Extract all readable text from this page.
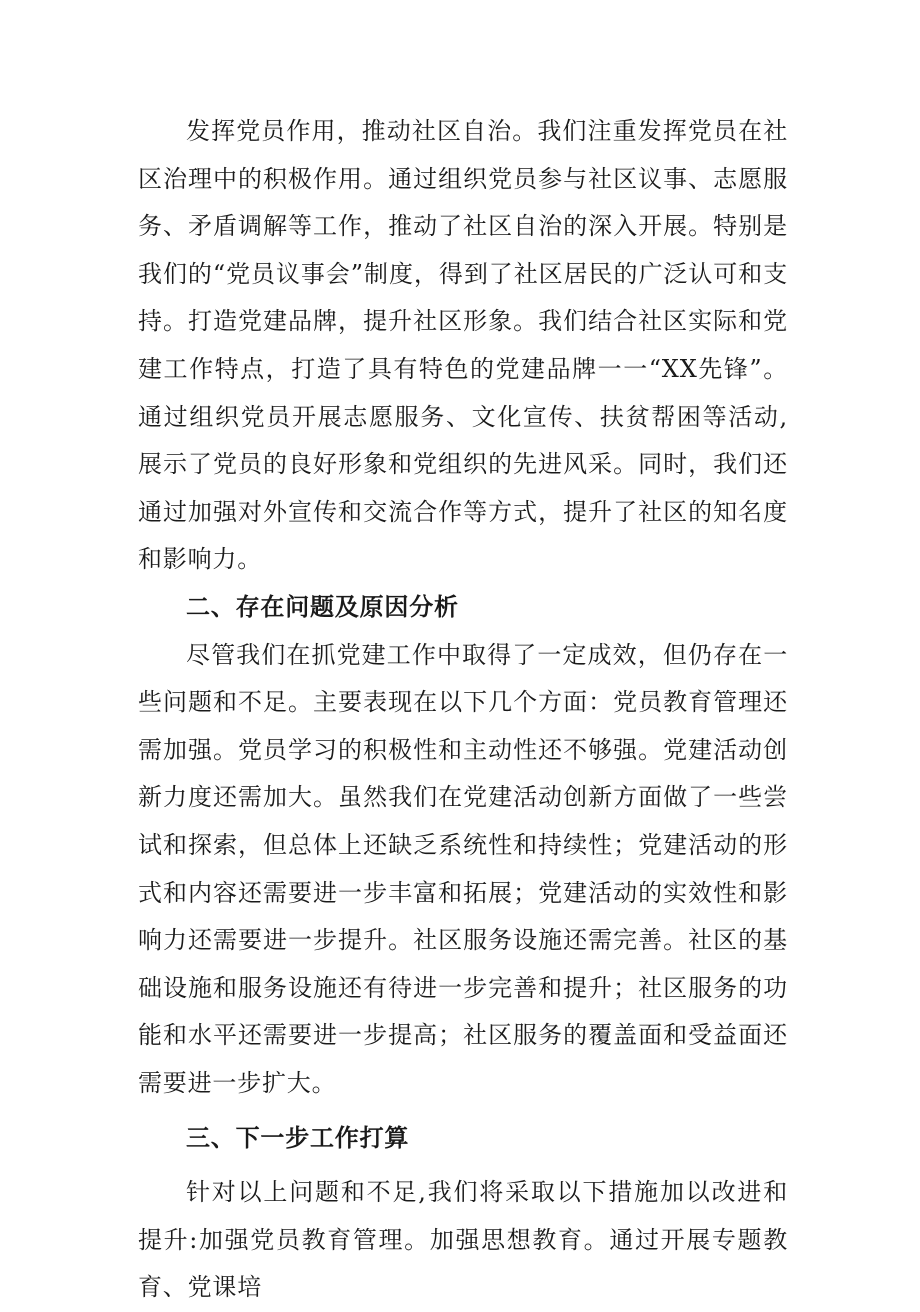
发挥党员作用，推动社区自治。我们注重发挥党员在社区治理中的积极作用。通过组织党员参与社区议事、志愿服务、矛盾调解等工作，推动了社区自治的深入开展。特别是我们的“党员议事会”制度，得到了社区居民的广泛认可和支持。打造党建品牌，提升社区形象。我们结合社区实际和党建工作特点，打造了具有特色的党建品牌一一“XX先锋”。通过组织党员开展志愿服务、文化宣传、扶贫帮困等活动,展示了党员的良好形象和党组织的先进风采。同时，我们还通过加强对外宣传和交流合作等方式，提升了社区的知名度和影响力。

二、存在问题及原因分析

尽管我们在抓党建工作中取得了一定成效，但仍存在一些问题和不足。主要表现在以下几个方面：党员教育管理还需加强。党员学习的积极性和主动性还不够强。党建活动创新力度还需加大。虽然我们在党建活动创新方面做了一些尝试和探索，但总体上还缺乏系统性和持续性；党建活动的形式和内容还需要进一步丰富和拓展；党建活动的实效性和影响力还需要进一步提升。社区服务设施还需完善。社区的基础设施和服务设施还有待进一步完善和提升；社区服务的功能和水平还需要进一步提高；社区服务的覆盖面和受益面还需要进一步扩大。

三、下一步工作打算

针对以上问题和不足,我们将采取以下措施加以改进和提升:加强党员教育管理。加强思想教育。通过开展专题教育、党课培
